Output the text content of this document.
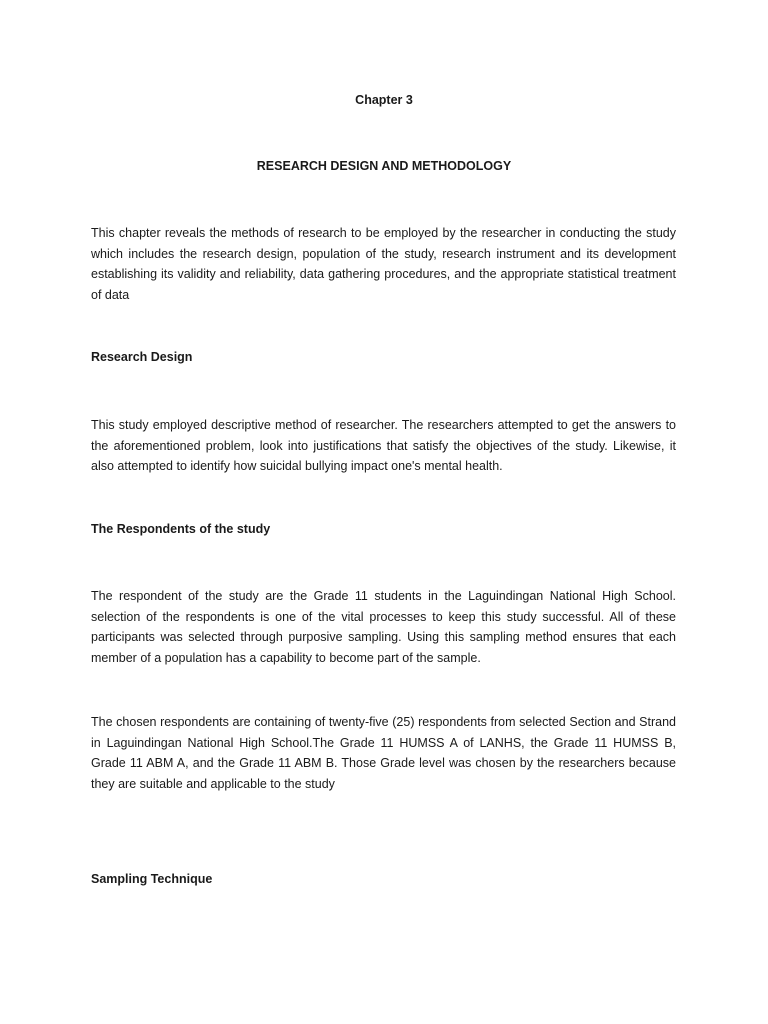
Chapter 3
RESEARCH DESIGN AND METHODOLOGY

This chapter reveals the methods of research to be employed by the researcher in conducting the study which includes the research design, population of the study, research instrument and its development establishing its validity and reliability, data gathering procedures, and the appropriate statistical treatment of data

Research Design

This study employed descriptive method of researcher. The researchers attempted to get the answers to the aforementioned problem, look into justifications that satisfy the objectives of the study. Likewise, it also attempted to identify how suicidal bullying impact one's mental health.

The Respondents of the study

The respondent of the study are the Grade 11 students in the Laguindingan National High School. selection of the respondents is one of the vital processes to keep this study successful. All of these participants was selected through purposive sampling. Using this sampling method ensures that each member of a population has a capability to become part of the sample.

The chosen respondents are containing of twenty-five (25) respondents from selected Section and Strand in Laguindingan National High School.The Grade 11 HUMSS A of LANHS, the Grade 11 HUMSS B, Grade 11 ABM A, and the Grade 11 ABM B. Those Grade level was chosen by the researchers because they are suitable and applicable to the study

Sampling Technique
